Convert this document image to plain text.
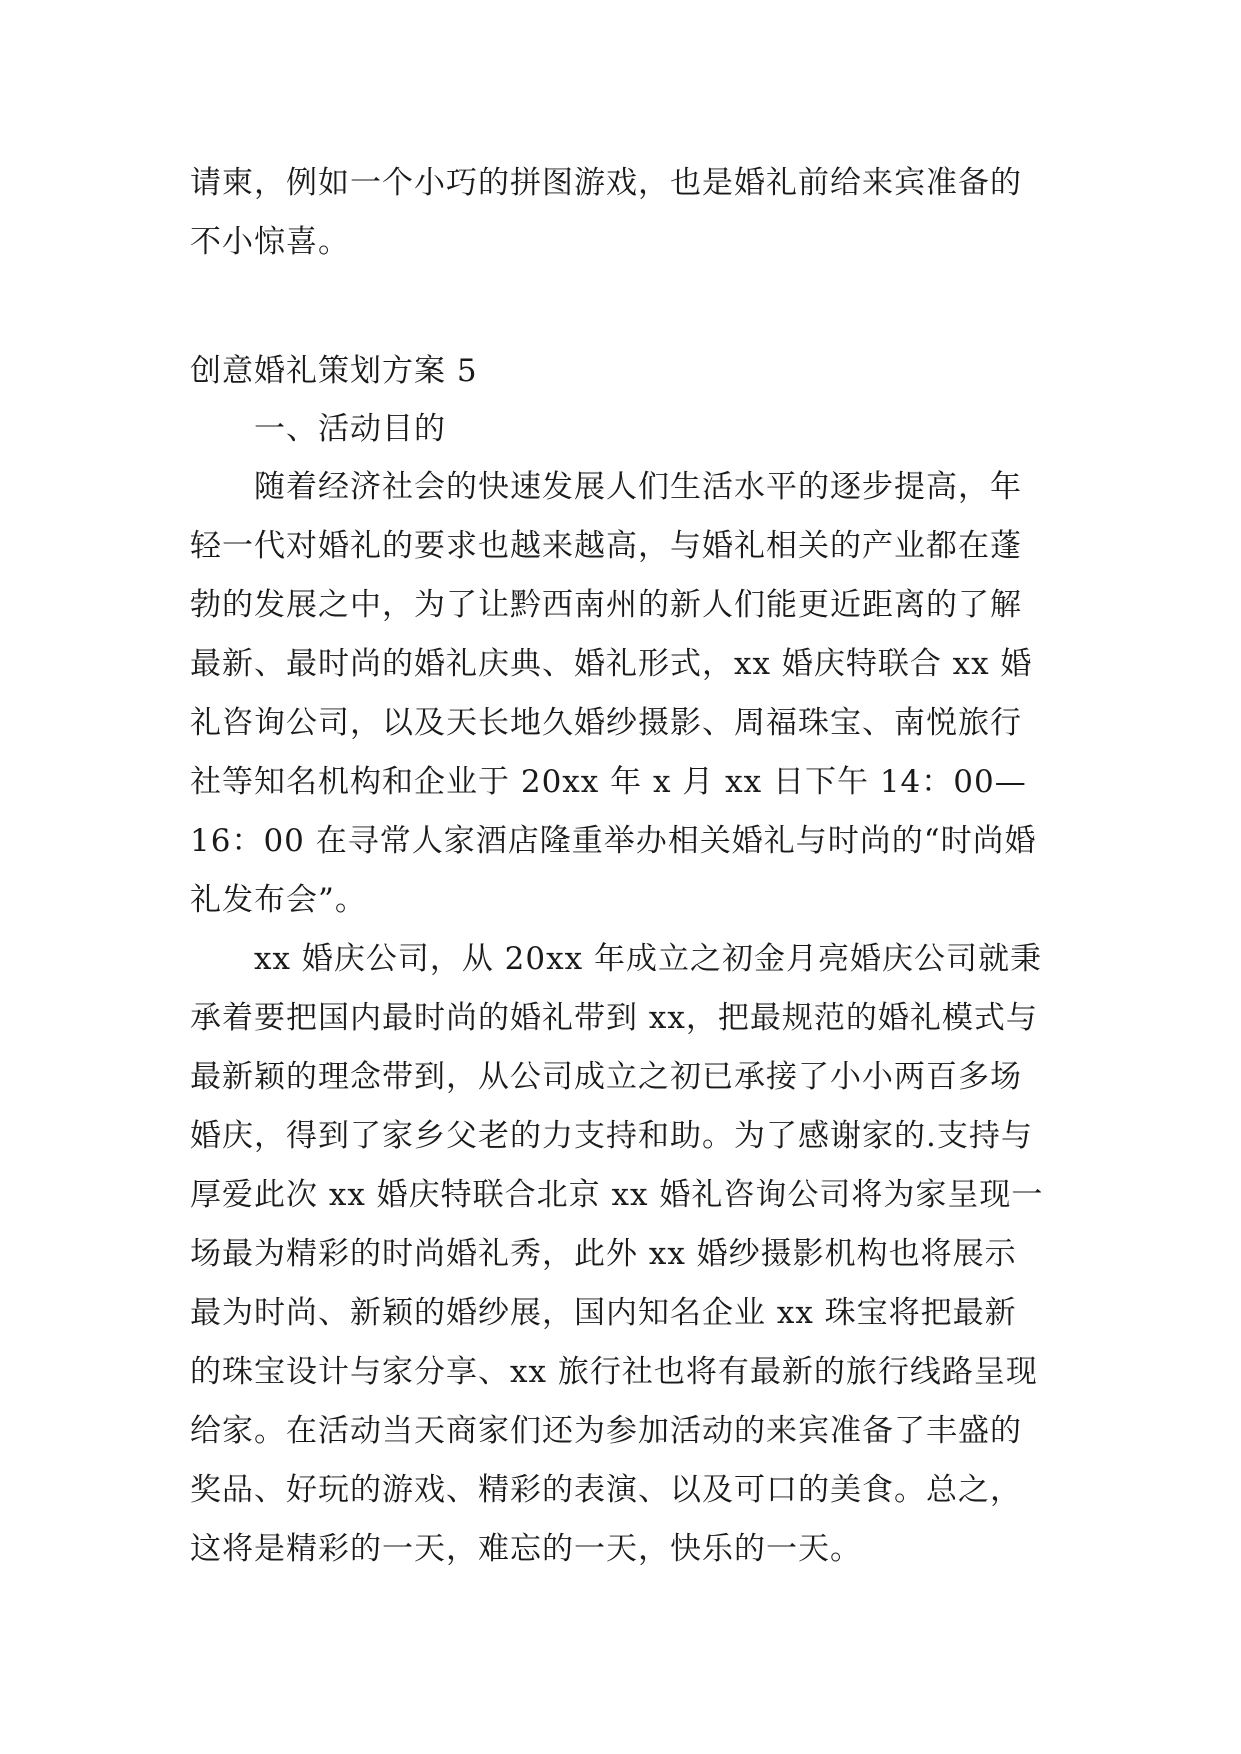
请柬，例如一个小巧的拼图游戏，也是婚礼前给来宾准备的不小惊喜。

创意婚礼策划方案 5

一、活动目的

随着经济社会的快速发展人们生活水平的逐步提高，年轻一代对婚礼的要求也越来越高，与婚礼相关的产业都在蓬勃的发展之中，为了让黔西南州的新人们能更近距离的了解最新、最时尚的婚礼庆典、婚礼形式，xx 婚庆特联合 xx 婚礼咨询公司，以及天长地久婚纱摄影、周福珠宝、南悦旅行社等知名机构和企业于 20xx 年 x 月 xx 日下午 14：00—16：00 在寻常人家酒店隆重举办相关婚礼与时尚的“时尚婚礼发布会”。

xx 婚庆公司，从 20xx 年成立之初金月亮婚庆公司就秉承着要把国内最时尚的婚礼带到 xx，把最规范的婚礼模式与最新颖的理念带到，从公司成立之初已承接了小小两百多场婚庆，得到了家乡父老的力支持和助。为了感谢家的.支持与厚爱此次 xx 婚庆特联合北京 xx 婚礼咨询公司将为家呈现一场最为精彩的时尚婚礼秀，此外 xx 婚纱摄影机构也将展示最为时尚、新颖的婚纱展，国内知名企业 xx 珠宝将把最新的珠宝设计与家分享、xx 旅行社也将有最新的旅行线路呈现给家。在活动当天商家们还为参加活动的来宾准备了丰盛的奖品、好玩的游戏、精彩的表演、以及可口的美食。总之，这将是精彩的一天，难忘的一天，快乐的一天。
